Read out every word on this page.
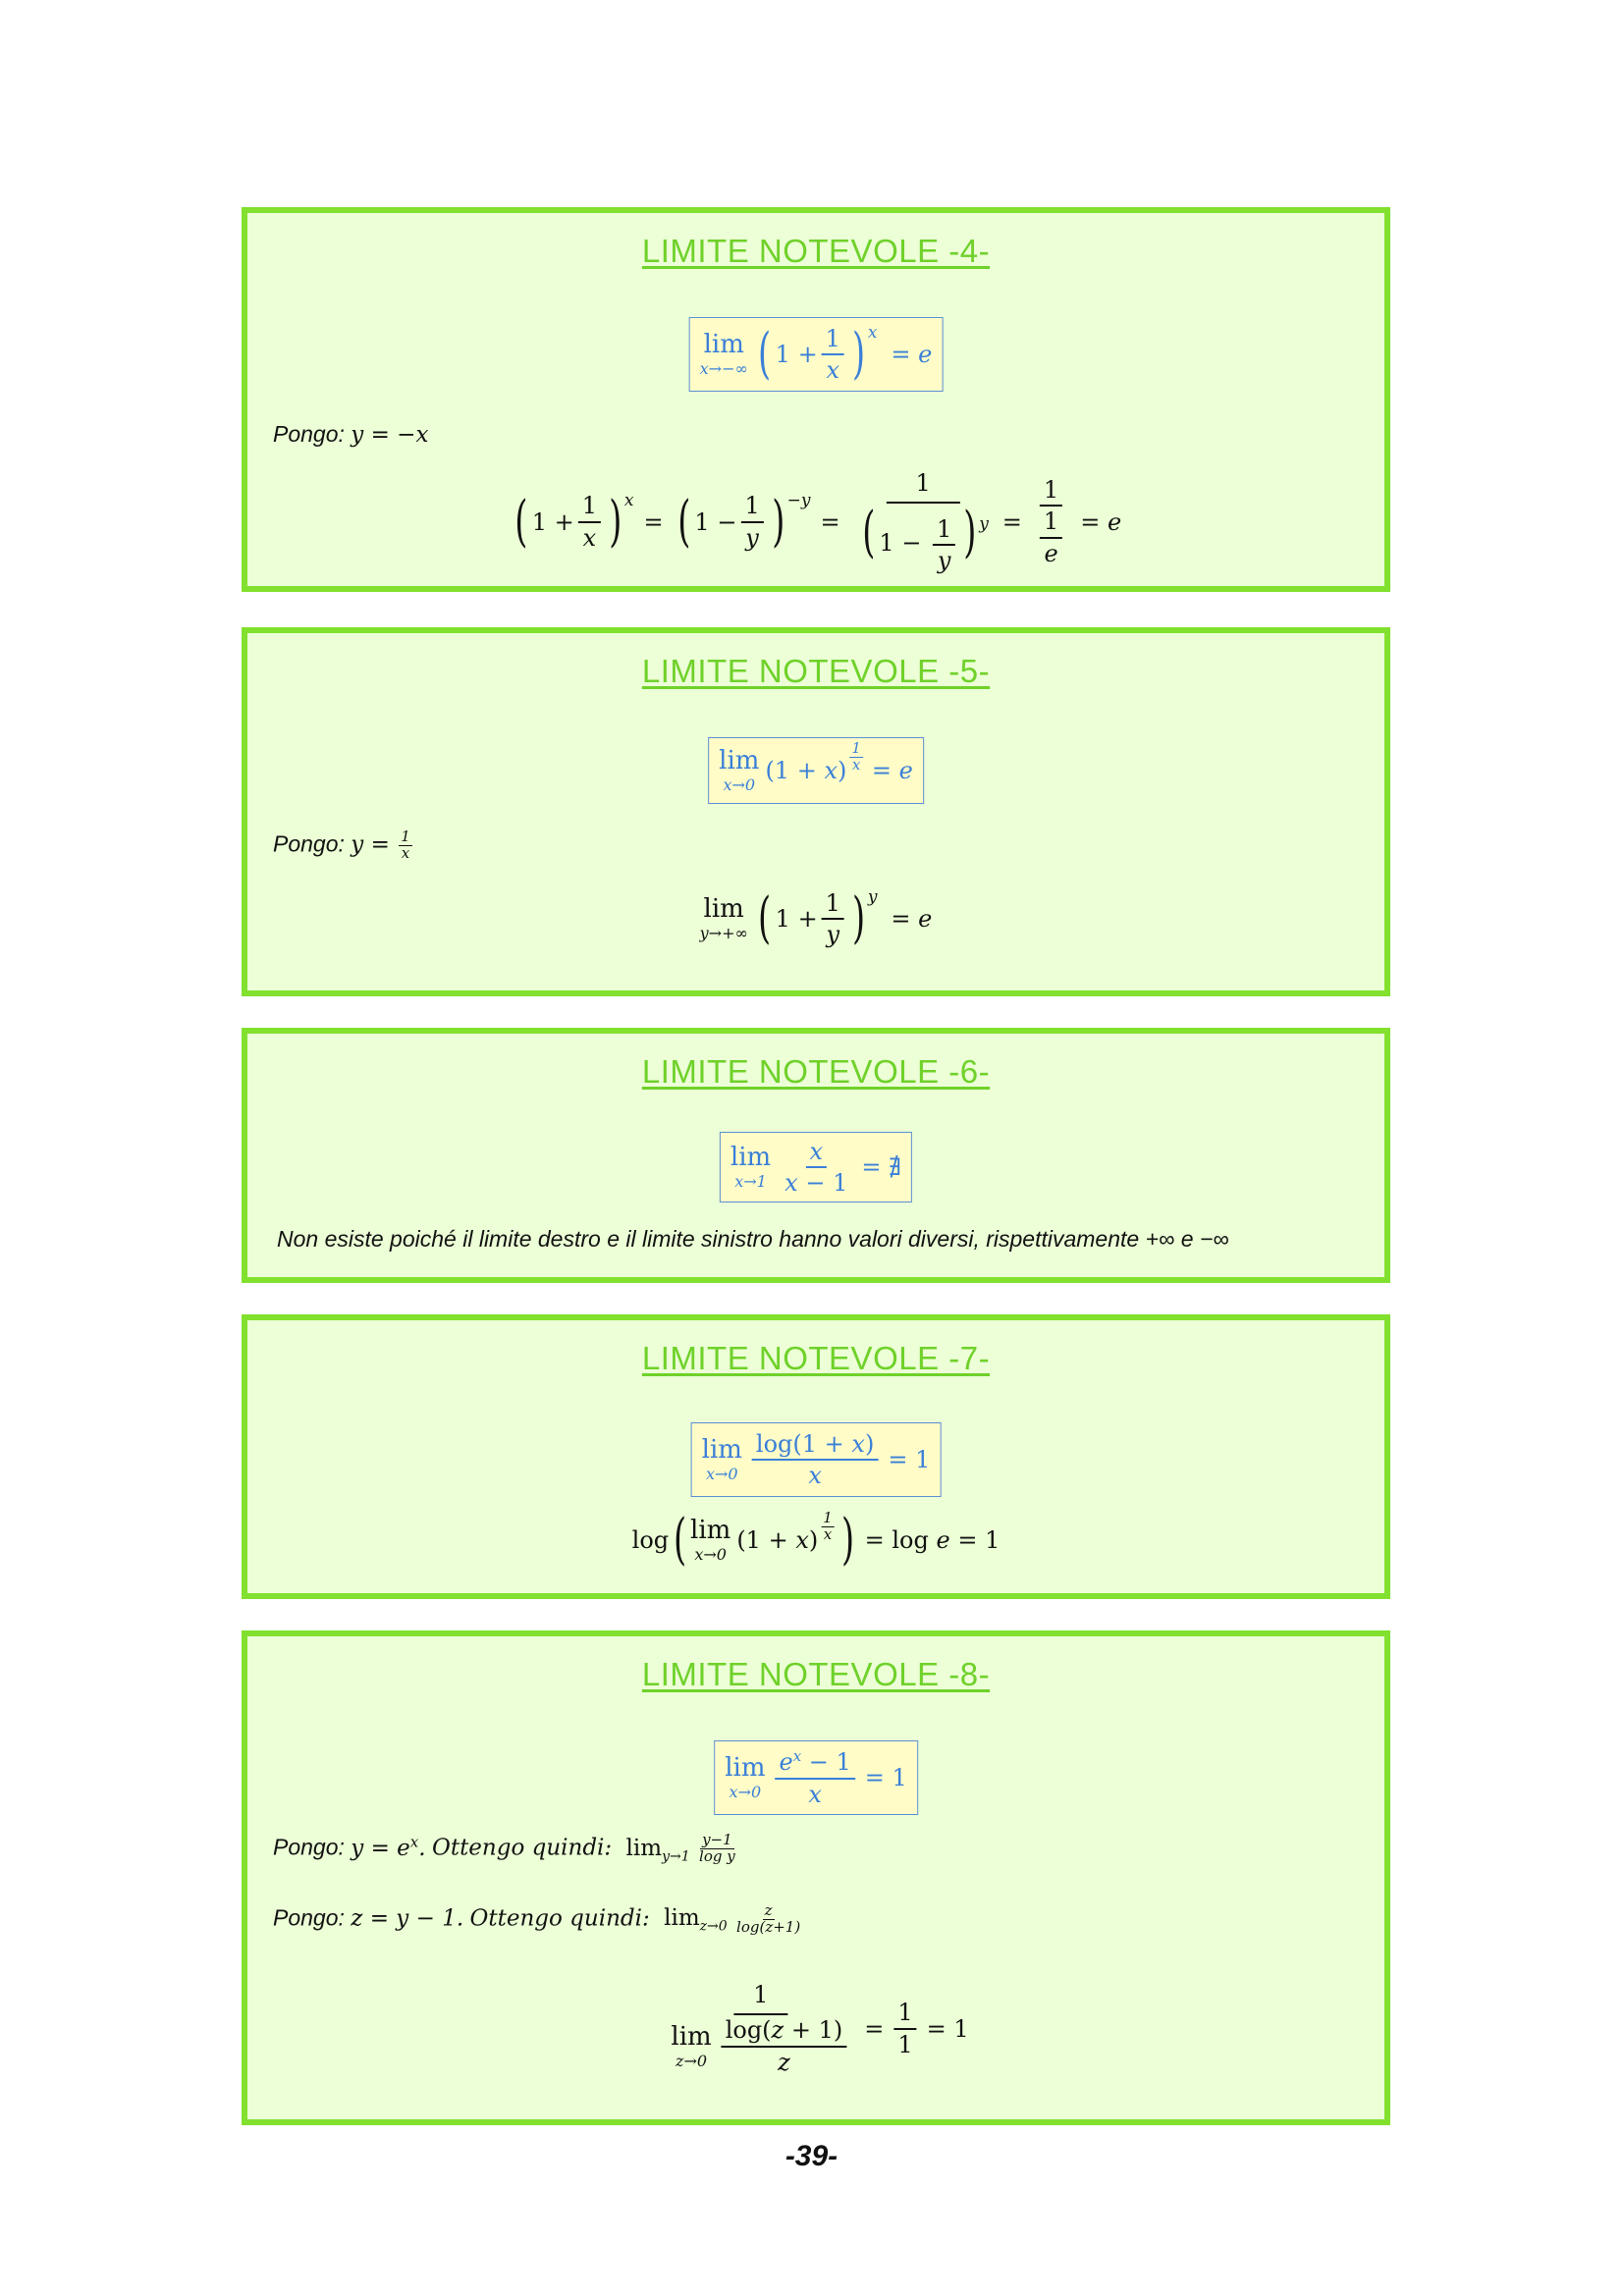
LIMITE NOTEVOLE -4-
lim
x→−∞ ( $1 + \frac{1}{x}$ ) x
= e
Pongo: y = −x
( $1 + \frac{1}{x}$ ) x
= ( $1 - \frac{1}{y}$ ) −y
= $\frac{1}{( 1 - \frac{1}{y} ) ^y} = \frac{1}{\frac{1}{e}} = e$
LIMITE NOTEVOLE -5-
lim
x→0
(1 + x ) $\frac{1}{x} = e$
Pongo: $y = \frac{1}{x}$
lim
y→+∞ ( $1 + \frac{1}{y}$ ) y
= e
LIMITE NOTEVOLE -6-
lim
$x\to 1 \frac{x}{x - 1}$ = ∄
Non esiste poiché il limite destro e il limite sinistro hanno valori diversi, rispettivamente +∞ e −∞
LIMITE NOTEVOLE -7-
lim
$x\to 0 \frac{\log(1 + x)}{x} = 1$
log ( lim
x→0
(1 + x )
1
x ) = log e = 1
LIMITE NOTEVOLE -8-
lim
$x\to 0 \frac{e^x - 1}{x} = 1$
Pongo: $y = e^x$. Ottengo quindi: $\lim_{y\to 1} \frac{y-1}{\text{log y}}$
Pongo: z = y − 1. Ottengo quindi: $\lim_{z\to 0} \frac{z}{\log(z+1)}$
1
lim
$z\to 0 \frac{\log(z + 1)}{z} = \frac{1}{1} = 1$
-39-
